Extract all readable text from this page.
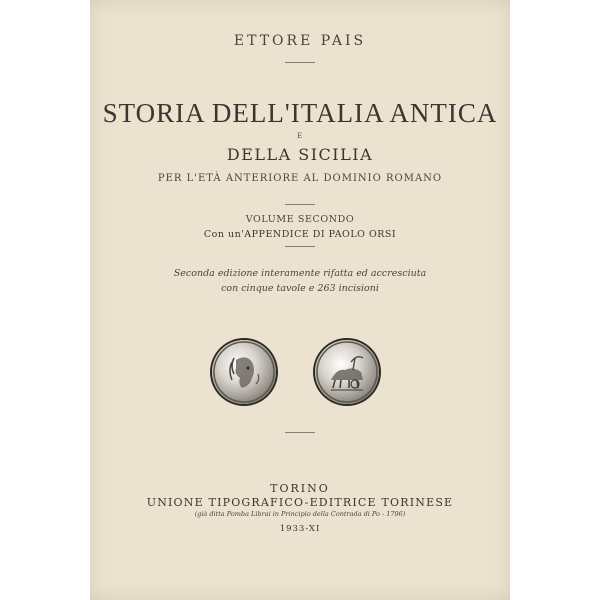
ETTORE PAIS
STORIA DELL'ITALIA ANTICA
E
DELLA SICILIA
PER L'ETÀ ANTERIORE AL DOMINIO ROMANO
VOLUME SECONDO
Con un'APPENDICE DI PAOLO ORSI
Seconda edizione interamente rifatta ed accresciuta
con cinque tavole e 263 incisioni
TORINO
UNIONE TIPOGRAFICO-EDITRICE TORINESE
(già ditta Pomba Librai in Principio della Contrada di Po - 1796)
1933-XI
